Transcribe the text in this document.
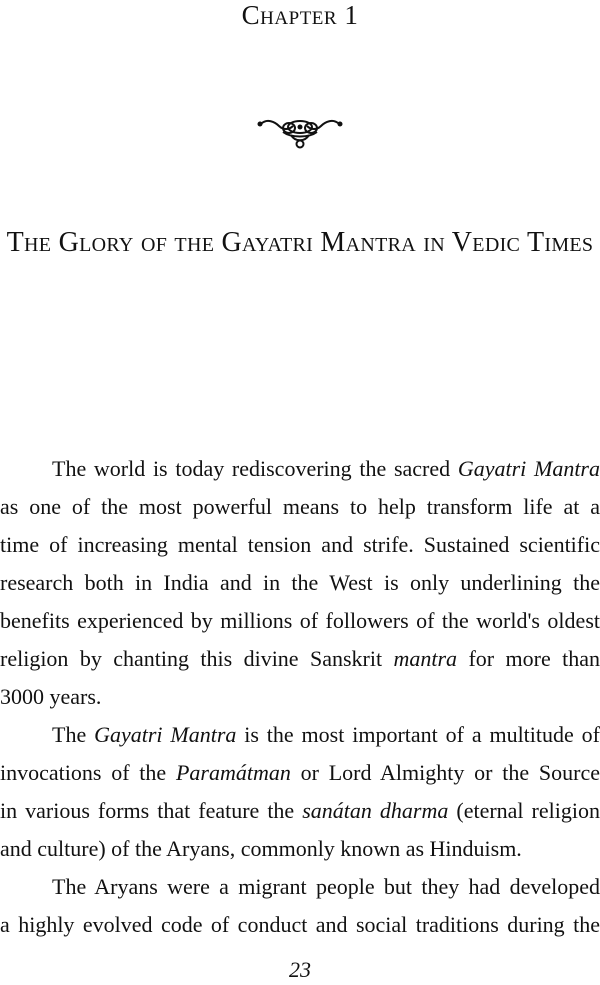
Chapter 1
The Glory of the Gayatri Mantra in Vedic Times
The world is today rediscovering the sacred Gayatri Mantra
as one of the most powerful means to help transform life at a
time of increasing mental tension and strife. Sustained scientific
research both in India and in the West is only underlining the
benefits experienced by millions of followers of the world's oldest
religion by chanting this divine Sanskrit mantra for more than
3000 years.
The Gayatri Mantra is the most important of a multitude of
invocations of the Paramátman or Lord Almighty or the Source
in various forms that feature the sanátan dharma (eternal religion
and culture) of the Aryans, commonly known as Hinduism.
The Aryans were a migrant people but they had developed
a highly evolved code of conduct and social traditions during the
23
